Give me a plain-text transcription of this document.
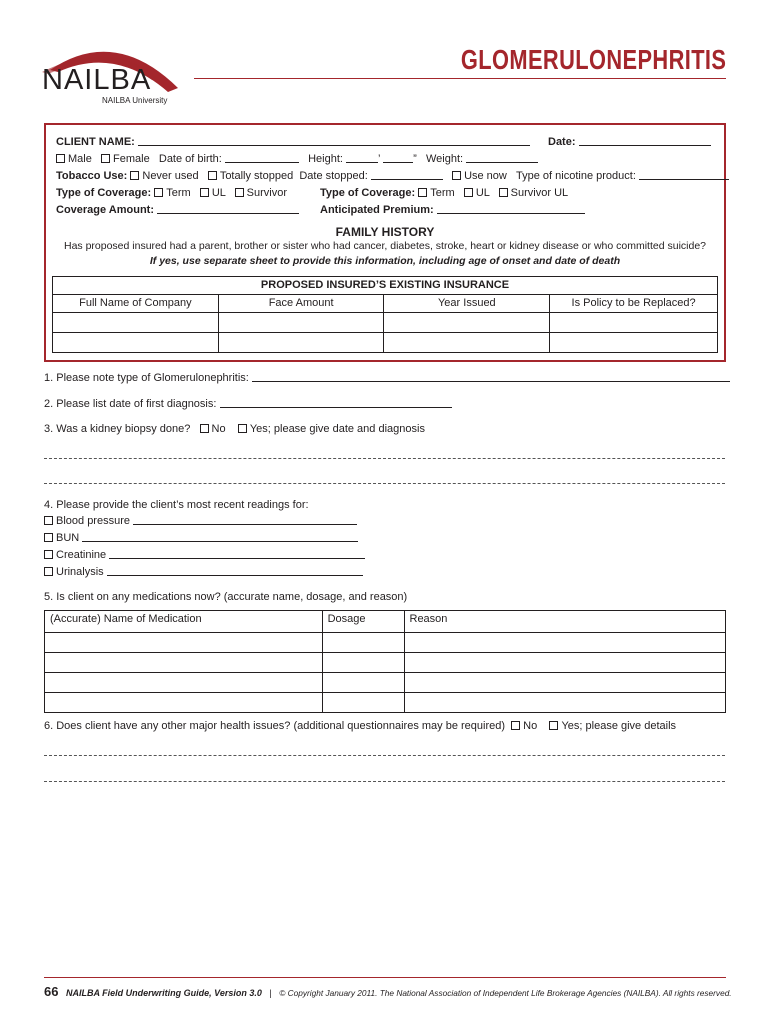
NAILBA
NAILBA University
GLOMERULONEPHRITIS
CLIENT NAME:	Date:
Male Female Date of birth:	Height:	’	” Weight:
Tobacco Use: Never used Totally stopped Date stopped:	Use now Type of nicotine product:
Type of Coverage: Term UL Survivor	Type of Coverage: Term UL Survivor UL
Coverage Amount:	Anticipated Premium:
FAMILY HISTORY
Has proposed insured had a parent, brother or sister who had cancer, diabetes, stroke, heart or kidney disease or who committed suicide?
If yes, use separate sheet to provide this information, including age of onset and date of death
PROPOSED INSURED’S EXISTING INSURANCE			
Full Name of Company	Face Amount	Year Issued	Is Policy to be Replaced?

1. Please note type of Glomerulonephritis:
2. Please list date of first diagnosis:
3. Was a kidney biopsy done? No Yes; please give date and diagnosis
4. Please provide the client’s most recent readings for:
Blood pressure
BUN
Creatinine
Urinalysis
5. Is client on any medications now? (accurate name, dosage, and reason)
(Accurate) Name of Medication	Dosage	Reason

6. Does client have any other major health issues? (additional questionnaires may be required) No Yes; please give details
66 NAILBA Field Underwriting Guide, Version 3.0 | © Copyright January 2011. The National Association of Independent Life Brokerage Agencies (NAILBA). All rights reserved.
